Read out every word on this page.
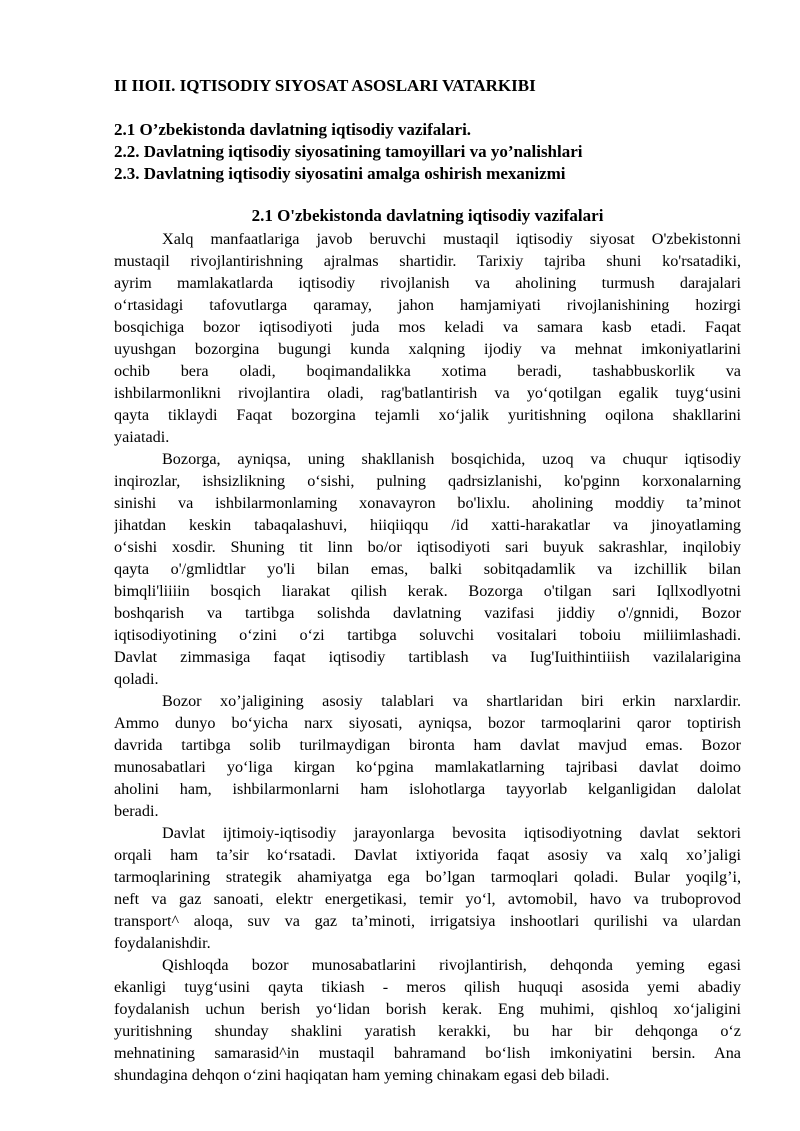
II IIOII. IQTISODIY SIYOSAT ASOSLARI VATARKIBI
2.1 O’zbekistonda davlatning iqtisodiy vazifalari.
2.2. Davlatning iqtisodiy siyosatining tamoyillari va yo’nalishlari
2.3. Davlatning iqtisodiy siyosatini amalga oshirish mexanizmi
2.1 O'zbekistonda davlatning iqtisodiy vazifalari

Xalq manfaatlariga javob beruvchi mustaqil iqtisodiy siyosat O'zbekistonni
mustaqil rivojlantirishning ajralmas shartidir. Tarixiy tajriba shuni ko'rsatadiki,
ayrim mamlakatlarda iqtisodiy rivojlanish va aholining turmush darajalari
o‘rtasidagi tafovutlarga qaramay, jahon hamjamiyati rivojlanishining hozirgi
bosqichiga bozor iqtisodiyoti juda mos keladi va samara kasb etadi. Faqat
uyushgan bozorgina bugungi kunda xalqning ijodiy va mehnat imkoniyatlarini
ochib bera oladi, boqimandalikka xotima beradi, tashabbuskorlik va
ishbilarmonlikni rivojlantira oladi, rag'batlantirish va yo‘qotilgan egalik tuyg‘usini
qayta tiklaydi Faqat bozorgina tejamli xo‘jalik yuritishning oqilona shakllarini
yaiatadi.

Bozorga, ayniqsa, uning shakllanish bosqichida, uzoq va chuqur iqtisodiy
inqirozlar, ishsizlikning o‘sishi, pulning qadrsizlanishi, ko'pginn korxonalarning
sinishi va ishbilarmonlaming xonavayron bo'lixlu. aholining moddiy ta’minot
jihatdan keskin tabaqalashuvi, hiiqiiqqu /id xatti-harakatlar va jinoyatlaming
o‘sishi xosdir. Shuning tit linn bo/or iqtisodiyoti sari buyuk sakrashlar, inqilobiy
qayta o'/gmlidtlar yo'li bilan emas, balki sobitqadamlik va izchillik bilan
bimqli'liiiin bosqich liarakat qilish kerak. Bozorga o'tilgan sari Iqllxodlyotni
boshqarish va tartibga solishda davlatning vazifasi jiddiy o'/gnnidi, Bozor
iqtisodiyotining o‘zini o‘zi tartibga soluvchi vositalari toboiu miiliimlashadi.
Davlat zimmasiga faqat iqtisodiy tartiblash va Iug'Iuithintiiish vazilalarigina
qoladi.

Bozor xo’jaligining asosiy talablari va shartlaridan biri erkin narxlardir.
Ammo dunyo bo‘yicha narx siyosati, ayniqsa, bozor tarmoqlarini qaror toptirish
davrida tartibga solib turilmaydigan bironta ham davlat mavjud emas. Bozor
munosabatlari yo‘liga kirgan ko‘pgina mamlakatlarning tajribasi davlat doimo
aholini ham, ishbilarmonlarni ham islohotlarga tayyorlab kelganligidan dalolat
beradi.

Davlat ijtimoiy-iqtisodiy jarayonlarga bevosita iqtisodiyotning davlat sektori
orqali ham ta’sir ko‘rsatadi. Davlat ixtiyorida faqat asosiy va xalq xo’jaligi
tarmoqlarining strategik ahamiyatga ega bo’lgan tarmoqlari qoladi. Bular yoqilg’i,
neft va gaz sanoati, elektr energetikasi, temir yo‘l, avtomobil, havo va truboprovod
transport^ aloqa, suv va gaz ta’minoti, irrigatsiya inshootlari qurilishi va ulardan
foydalanishdir.

Qishloqda bozor munosabatlarini rivojlantirish, dehqonda yeming egasi
ekanligi tuyg‘usini qayta tikiash - meros qilish huquqi asosida yemi abadiy
foydalanish uchun berish yo‘lidan borish kerak. Eng muhimi, qishloq xo‘jaligini
yuritishning shunday shaklini yaratish kerakki, bu har bir dehqonga o‘z
mehnatining samarasid^in mustaqil bahramand bo‘lish imkoniyatini bersin. Ana
shundagina dehqon o‘zini haqiqatan ham yeming chinakam egasi deb biladi.
